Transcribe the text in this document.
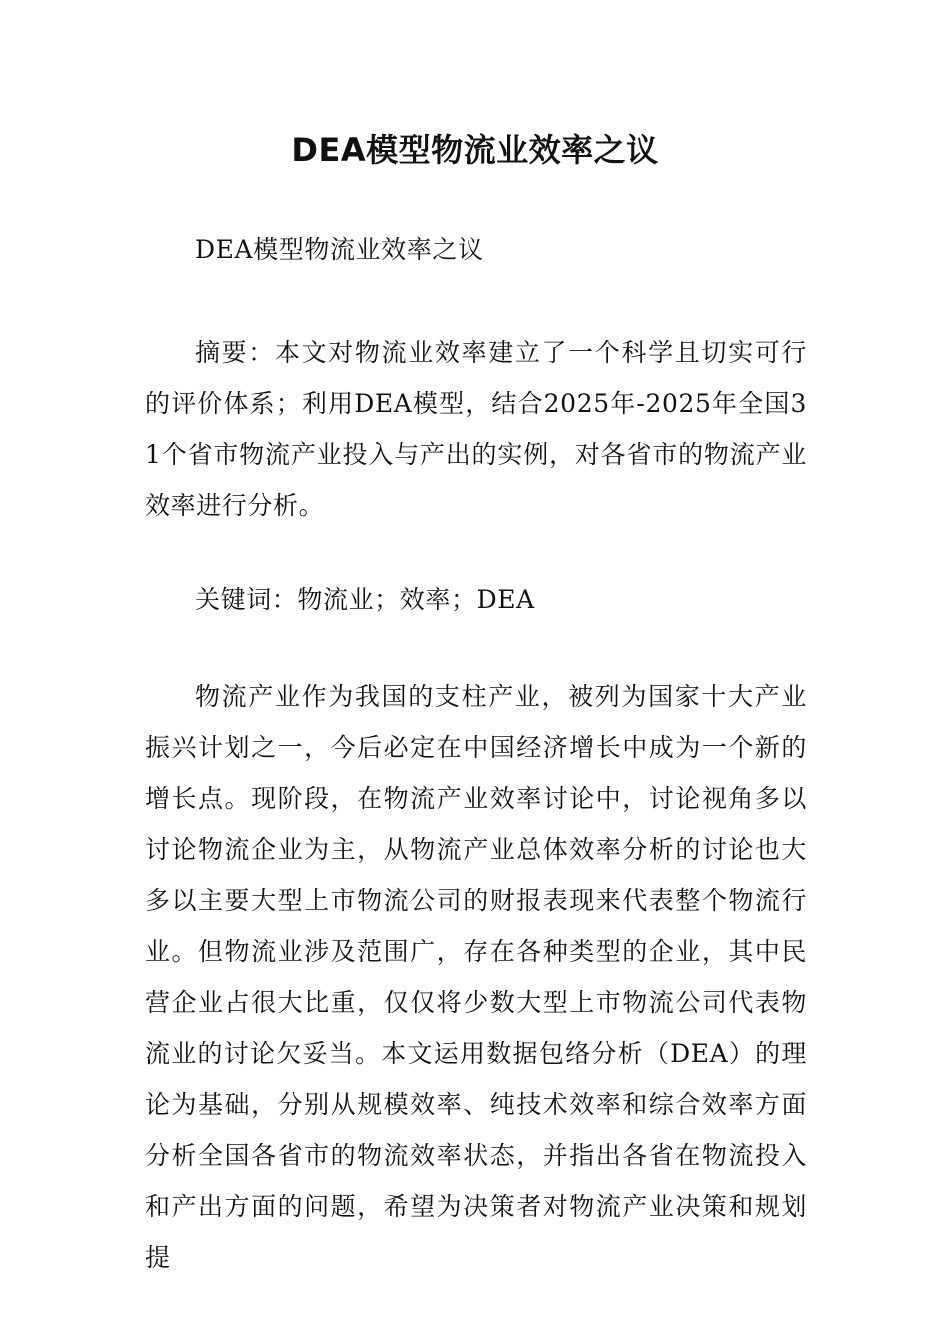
DEA模型物流业效率之议

DEA模型物流业效率之议

摘要：本文对物流业效率建立了一个科学且切实可行的评价体系；利用DEA模型，结合2025年-2025年全国31个省市物流产业投入与产出的实例，对各省市的物流产业效率进行分析。

关键词：物流业；效率；DEA

物流产业作为我国的支柱产业，被列为国家十大产业振兴计划之一，今后必定在中国经济增长中成为一个新的增长点。现阶段，在物流产业效率讨论中，讨论视角多以讨论物流企业为主，从物流产业总体效率分析的讨论也大多以主要大型上市物流公司的财报表现来代表整个物流行业。但物流业涉及范围广，存在各种类型的企业，其中民营企业占很大比重，仅仅将少数大型上市物流公司代表物流业的讨论欠妥当。本文运用数据包络分析（DEA）的理论为基础，分别从规模效率、纯技术效率和综合效率方面分析全国各省市的物流效率状态，并指出各省在物流投入和产出方面的问题，希望为决策者对物流产业决策和规划提
